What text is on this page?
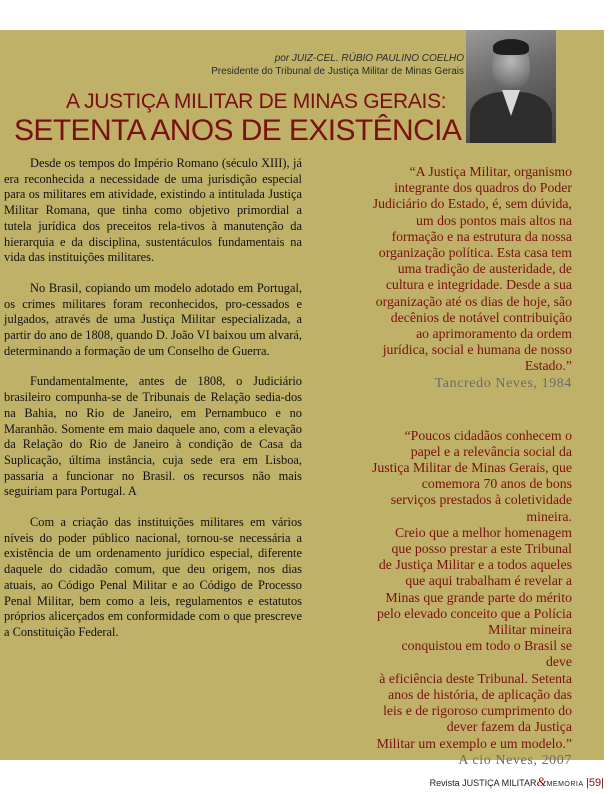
por JUIZ-CEL. RÚBIO PAULINO COELHO
Presidente do Tribunal de Justiça Militar de Minas Gerais
A JUSTIÇA MILITAR DE MINAS GERAIS:
SETENTA ANOS DE EXISTÊNCIA

Desde os tempos do Império Romano (século XIII), já era reconhecida a necessidade de uma jurisdição especial para os militares em atividade, existindo a intitulada Justiça Militar Romana, que tinha como objetivo primordial a tutela jurídica dos preceitos rela-tivos à manutenção da hierarquia e da disciplina, sustentáculos fundamentais na vida das instituições militares.

No Brasil, copiando um modelo adotado em Portugal, os crimes militares foram reconhecidos, pro-cessados e julgados, através de uma Justiça Militar especializada, a partir do ano de 1808, quando D. João VI baixou um alvará, determinando a formação de um Conselho de Guerra.

Fundamentalmente, antes de 1808, o Judiciário brasileiro compunha-se de Tribunais de Relação sedia-dos na Bahia, no Rio de Janeiro, em Pernambuco e no Maranhão. Somente em maio daquele ano, com a elevação da Relação do Rio de Janeiro à condição de Casa da Suplicação, última instância, cuja sede era em Lisboa, passaria a funcionar no Brasil. os recursos não mais seguiriam para Portugal. A

Com a criação das instituições militares em vários níveis do poder público nacional, tornou-se necessária a existência de um ordenamento jurídico especial, diferente daquele do cidadão comum, que deu origem, nos dias atuais, ao Código Penal Militar e ao Código de Processo Penal Militar, bem como a leis, regulamentos e estatutos próprios alicerçados em conformidade com o que prescreve a Constituição Federal.

“A Justiça Militar, organismo
integrante dos quadros do Poder
Judiciário do Estado, é, sem dúvida,
um dos pontos mais altos na
formação e na estrutura da nossa
organização política. Esta casa tem
uma tradição de austeridade, de
cultura e integridade. Desde a sua
organização até os dias de hoje, são
decênios de notável contribuição
ao aprimoramento da ordem
jurídica, social e humana de nosso
Estado.”
Tancredo Neves, 1984
“Poucos cidadãos conhecem o
papel e a relevância social da
Justiça Militar de Minas Gerais, que
comemora 70 anos de bons
serviços prestados à coletividade
mineira.
Creio que a melhor homenagem
que posso prestar a este Tribunal
de Justiça Militar e a todos aqueles
que aqui trabalham é revelar a
Minas que grande parte do mérito
pelo elevado conceito que a Polícia
Militar mineira
conquistou em todo o Brasil se
deve
à eficiência deste Tribunal. Setenta
anos de história, de aplicação das
leis e de rigoroso cumprimento do
dever fazem da Justiça
Militar um exemplo e um modelo.”
A cio Neves, 2007
Revista JUSTIÇA MILITAR&MEMÓRIA |59|
